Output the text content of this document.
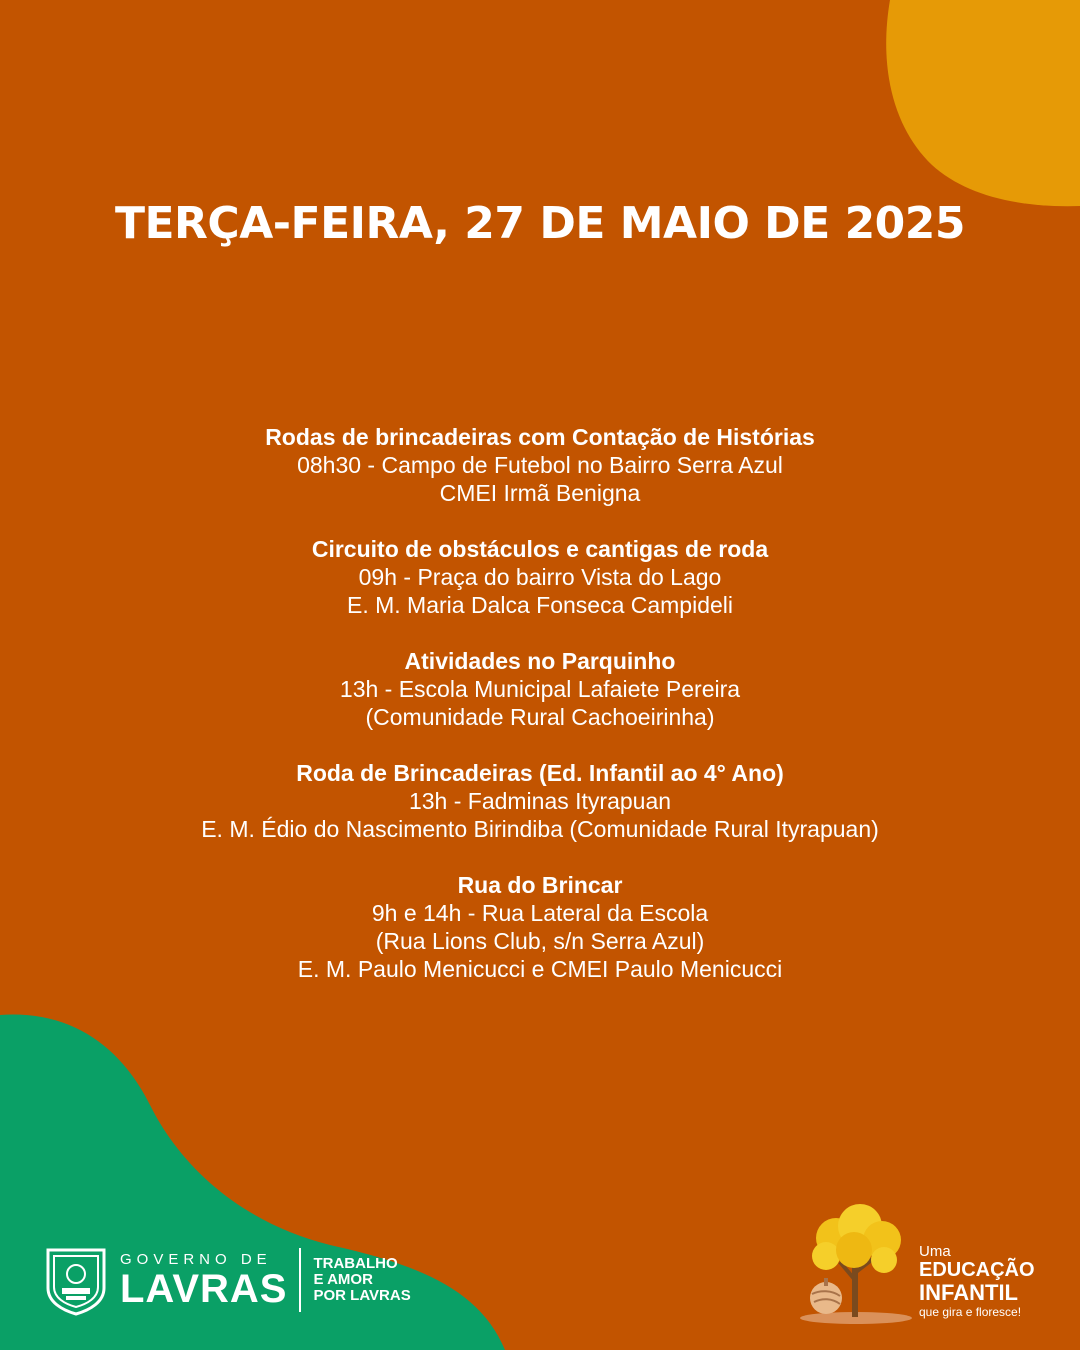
TERÇA-FEIRA, 27 DE MAIO DE 2025
Rodas de brincadeiras com Contação de Histórias
08h30 - Campo de Futebol no Bairro Serra Azul
CMEI Irmã Benigna
Circuito de obstáculos e cantigas de roda
09h - Praça do bairro Vista do Lago
E. M. Maria Dalca Fonseca Campideli
Atividades no Parquinho
13h - Escola Municipal Lafaiete Pereira
(Comunidade Rural Cachoeirinha)
Roda de Brincadeiras (Ed. Infantil ao 4° Ano)
13h - Fadminas Ityrapuan
E. M. Édio do Nascimento Birindiba (Comunidade Rural Ityrapuan)
Rua do Brincar
9h e 14h - Rua Lateral da Escola
(Rua Lions Club, s/n Serra Azul)
E. M. Paulo Menicucci e CMEI Paulo Menicucci
GOVERNO DE
LAVRAS
TRABALHO
E AMOR
POR LAVRAS
Uma
EDUCAÇÃO
INFANTIL
que gira e floresce!
